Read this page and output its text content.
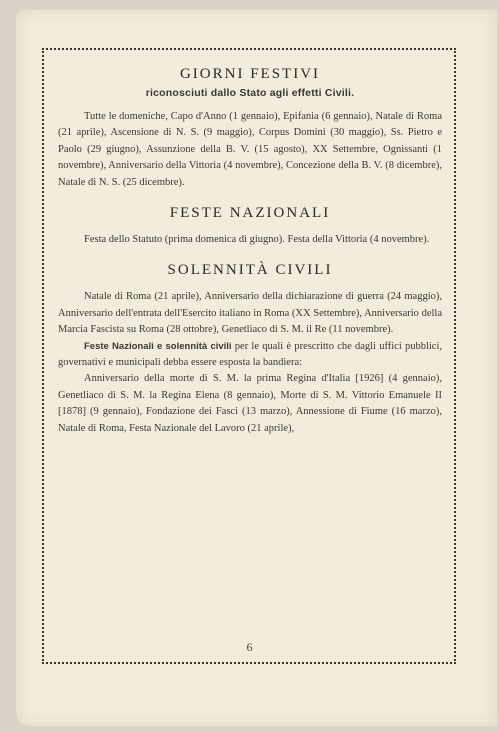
GIORNI FESTIVI
riconosciuti dallo Stato agli effetti Civili.

Tutte le domeniche, Capo d'Anno (1 gennaio), Epifania (6 gennaio), Natale di Roma (21 aprile), Ascensione di N. S. (9 maggio), Corpus Domini (30 maggio), Ss. Pietro e Paolo (29 giugno), Assunzione della B. V. (15 agosto), XX Settembre, Ognissanti (1 novembre), Anniversario della Vittoria (4 novembre), Concezione della B. V. (8 dicembre), Natale di N. S. (25 dicembre).

FESTE NAZIONALI

Festa dello Statuto (prima domenica di giugno). Festa della Vittoria (4 novembre).

SOLENNITÀ CIVILI

Natale di Roma (21 aprile), Anniversario della dichiarazione di guerra (24 maggio), Anniversario dell'entrata dell'Esercito italiano in Roma (XX Settembre), Anniversario della Marcia Fascista su Roma (28 ottobre), Genetliaco di S. M. il Re (11 novembre).

Feste Nazionali e solennità civili per le quali è prescritto che dagli uffici pubblici, governativi e municipali debba essere esposta la bandiera:

Anniversario della morte di S. M. la prima Regina d'Italia [1926] (4 gennaio), Genetliaco di S. M. la Regina Elena (8 gennaio), Morte di S. M. Vittorio Emanuele II [1878] (9 gennaio), Fondazione dei Fasci (13 marzo), Annessione di Fiume (16 marzo), Natale di Roma, Festa Nazionale del Lavoro (21 aprile),

6
